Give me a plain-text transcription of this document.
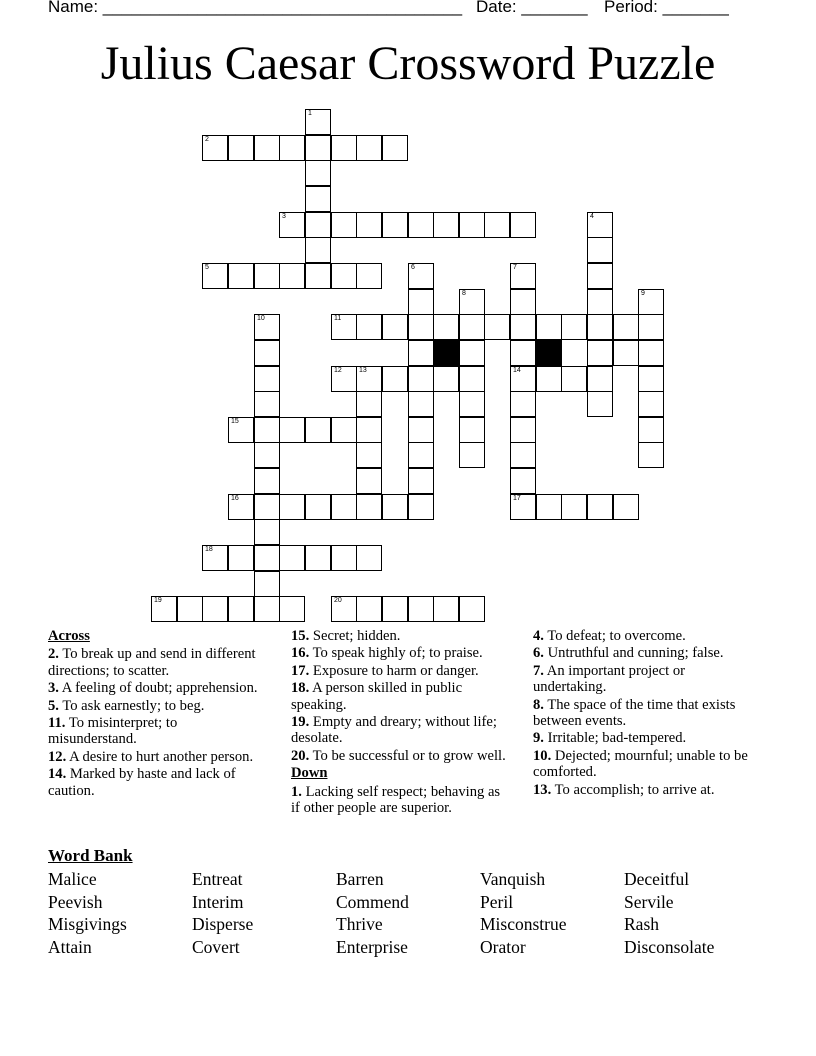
Name: ______________________________________ Date: _______ Period: _______
Julius Caesar Crossword Puzzle
1
2
3	4
5	6	7
14
17
8	9
10	11
12 13
15
16
18
19	20
Across
2. To break up and send in different directions; to scatter.
3. A feeling of doubt; apprehension.
5. To ask earnestly; to beg.
11. To misinterpret; to misunderstand.
12. A desire to hurt another person.
14. Marked by haste and lack of caution.
15. Secret; hidden.
16. To speak highly of; to praise.
17. Exposure to harm or danger.
18. A person skilled in public speaking.
19. Empty and dreary; without life; desolate.
20. To be successful or to grow well.
Down
1. Lacking self respect; behaving as if other people are superior.
4. To defeat; to overcome.
6. Untruthful and cunning; false.
7. An important project or undertaking.
8. The space of the time that exists between events.
9. Irritable; bad-tempered.
10. Dejected; mournful; unable to be comforted.
13. To accomplish; to arrive at.
Word Bank
Malice	Entreat	Barren	Vanquish	Deceitful
Peevish	Interim	Commend	Peril	Servile
Misgivings	Disperse	Thrive	Misconstrue	Rash
Attain	Covert	Enterprise	Orator	Disconsolate
